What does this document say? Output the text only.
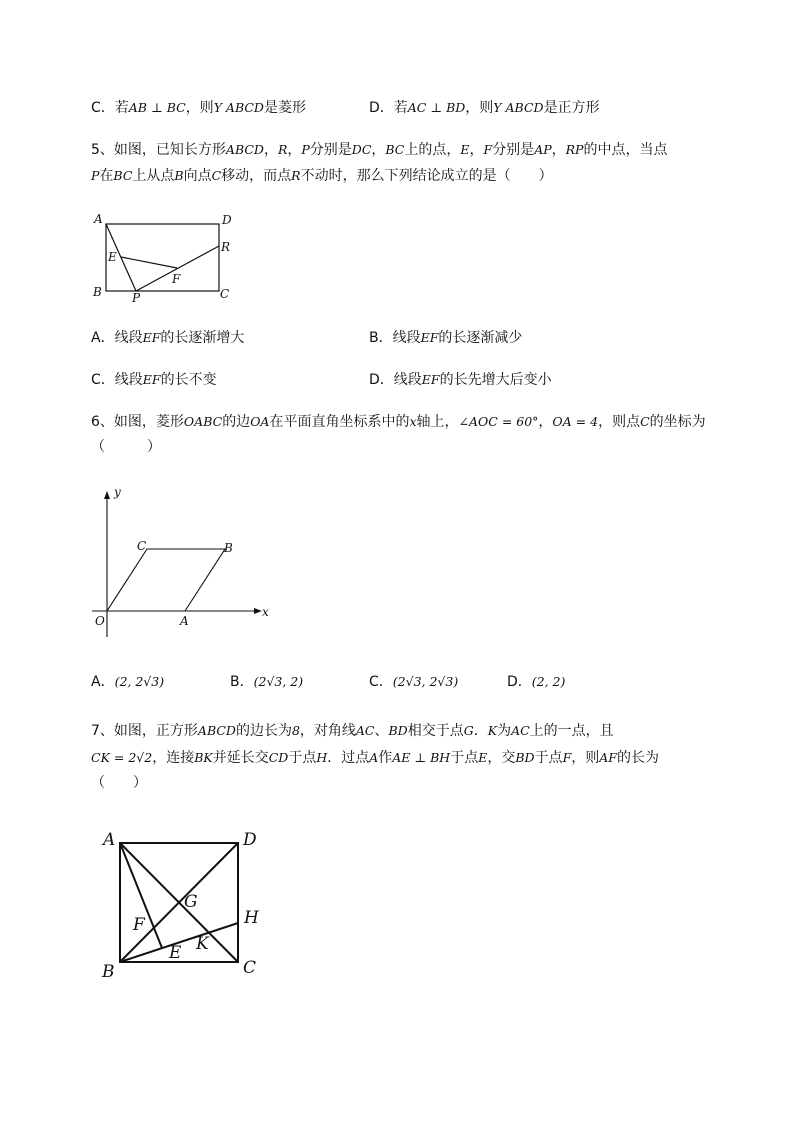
C．若AB ⊥ BC，则Y ABCD是菱形	D．若AC ⊥ BD，则Y ABCD是正方形
5、如图，已知长方形ABCD，R，P分别是DC，BC上的点，E，F分别是AP，RP的中点，当点
P在BC上从点B向点C移动，而点R不动时，那么下列结论成立的是（　　）
A	D
R
E
F
B	P	C
A．线段EF的长逐渐增大	B．线段EF的长逐渐减少
C．线段EF的长不变	D．线段EF的长先增大后变小
6、如图，菱形OABC的边OA在平面直角坐标系中的x轴上，∠AOC = 60°，OA = 4，则点C的坐标为
（　　　）
y
x
O	A
B
C
A．(2, 2√3)	B．(2√3, 2)	C．(2√3, 2√3)	D．(2, 2)
7、如图，正方形ABCD的边长为8，对角线AC、BD相交于点G．K为AC上的一点，且
CK = 2√2，连接BK并延长交CD于点H．过点A作AE ⊥ BH于点E，交BD于点F，则AF的长为
（　　）
A	D
G
H
F
K
E
B	C
